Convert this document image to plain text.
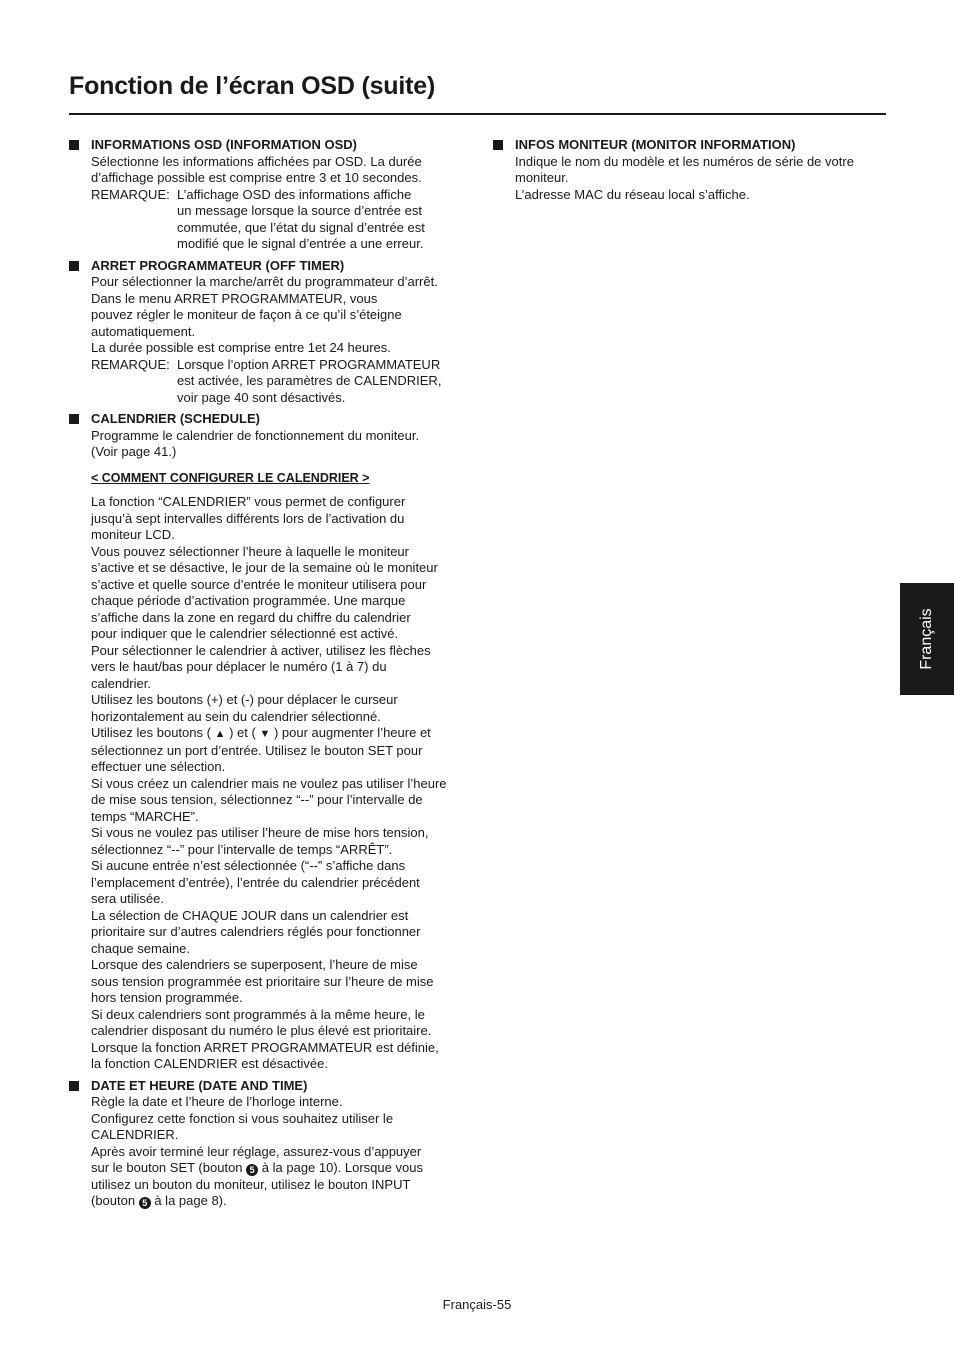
Fonction de l’écran OSD (suite)
INFORMATIONS OSD (INFORMATION OSD)

Sélectionne les informations affichées par OSD. La durée

d’affichage possible est comprise entre 3 et 10 secondes.

REMARQUE: L’affichage OSD des informations affiche
un message lorsque la source d’entrée est
commutée, que l’état du signal d’entrée est
modifié que le signal d’entrée a une erreur.
ARRET PROGRAMMATEUR (OFF TIMER)

Pour sélectionner la marche/arrêt du programmateur d’arrêt.

Dans le menu ARRET PROGRAMMATEUR, vous

pouvez régler le moniteur de façon à ce qu’il s’éteigne

automatiquement.

La durée possible est comprise entre 1et 24 heures.

REMARQUE: Lorsque l’option ARRET PROGRAMMATEUR
est activée, les paramètres de CALENDRIER,
voir page 40 sont désactivés.
CALENDRIER (SCHEDULE)

Programme le calendrier de fonctionnement du moniteur.

(Voir page 41.)

< COMMENT CONFIGURER LE CALENDRIER >

La fonction “CALENDRIER” vous permet de configurer

jusqu’à sept intervalles différents lors de l’activation du

moniteur LCD.

Vous pouvez sélectionner l’heure à laquelle le moniteur

s’active et se désactive, le jour de la semaine où le moniteur

s’active et quelle source d’entrée le moniteur utilisera pour

chaque période d’activation programmée. Une marque

s’affiche dans la zone en regard du chiffre du calendrier

pour indiquer que le calendrier sélectionné est activé.

Pour sélectionner le calendrier à activer, utilisez les flèches

vers le haut/bas pour déplacer le numéro (1 à 7) du

calendrier.

Utilisez les boutons (+) et (-) pour déplacer le curseur

horizontalement au sein du calendrier sélectionné.

Utilisez les boutons ( ▲ ) et ( ▼ ) pour augmenter l’heure et

sélectionnez un port d’entrée. Utilisez le bouton SET pour

effectuer une sélection.

Si vous créez un calendrier mais ne voulez pas utiliser l’heure

de mise sous tension, sélectionnez “--” pour l’intervalle de

temps “MARCHE”.

Si vous ne voulez pas utiliser l’heure de mise hors tension,

sélectionnez “--” pour l’intervalle de temps “ARRÊT”.

Si aucune entrée n’est sélectionnée (“--” s’affiche dans

l’emplacement d’entrée), l’entrée du calendrier précédent

sera utilisée.

La sélection de CHAQUE JOUR dans un calendrier est

prioritaire sur d’autres calendriers réglés pour fonctionner

chaque semaine.

Lorsque des calendriers se superposent, l’heure de mise

sous tension programmée est prioritaire sur l’heure de mise

hors tension programmée.

Si deux calendriers sont programmés à la même heure, le

calendrier disposant du numéro le plus élevé est prioritaire.

Lorsque la fonction ARRET PROGRAMMATEUR est définie,

la fonction CALENDRIER est désactivée.

DATE ET HEURE (DATE AND TIME)

Règle la date et l’heure de l’horloge interne.

Configurez cette fonction si vous souhaitez utiliser le

CALENDRIER.

Après avoir terminé leur réglage, assurez-vous d’appuyer

sur le bouton SET (bouton 5 à la page 10). Lorsque vous

utilisez un bouton du moniteur, utilisez le bouton INPUT

(bouton 5 à la page 8).

INFOS MONITEUR (MONITOR INFORMATION)

Indique le nom du modèle et les numéros de série de votre

moniteur.

L’adresse MAC du réseau local s’affiche.

Français
Français-55
